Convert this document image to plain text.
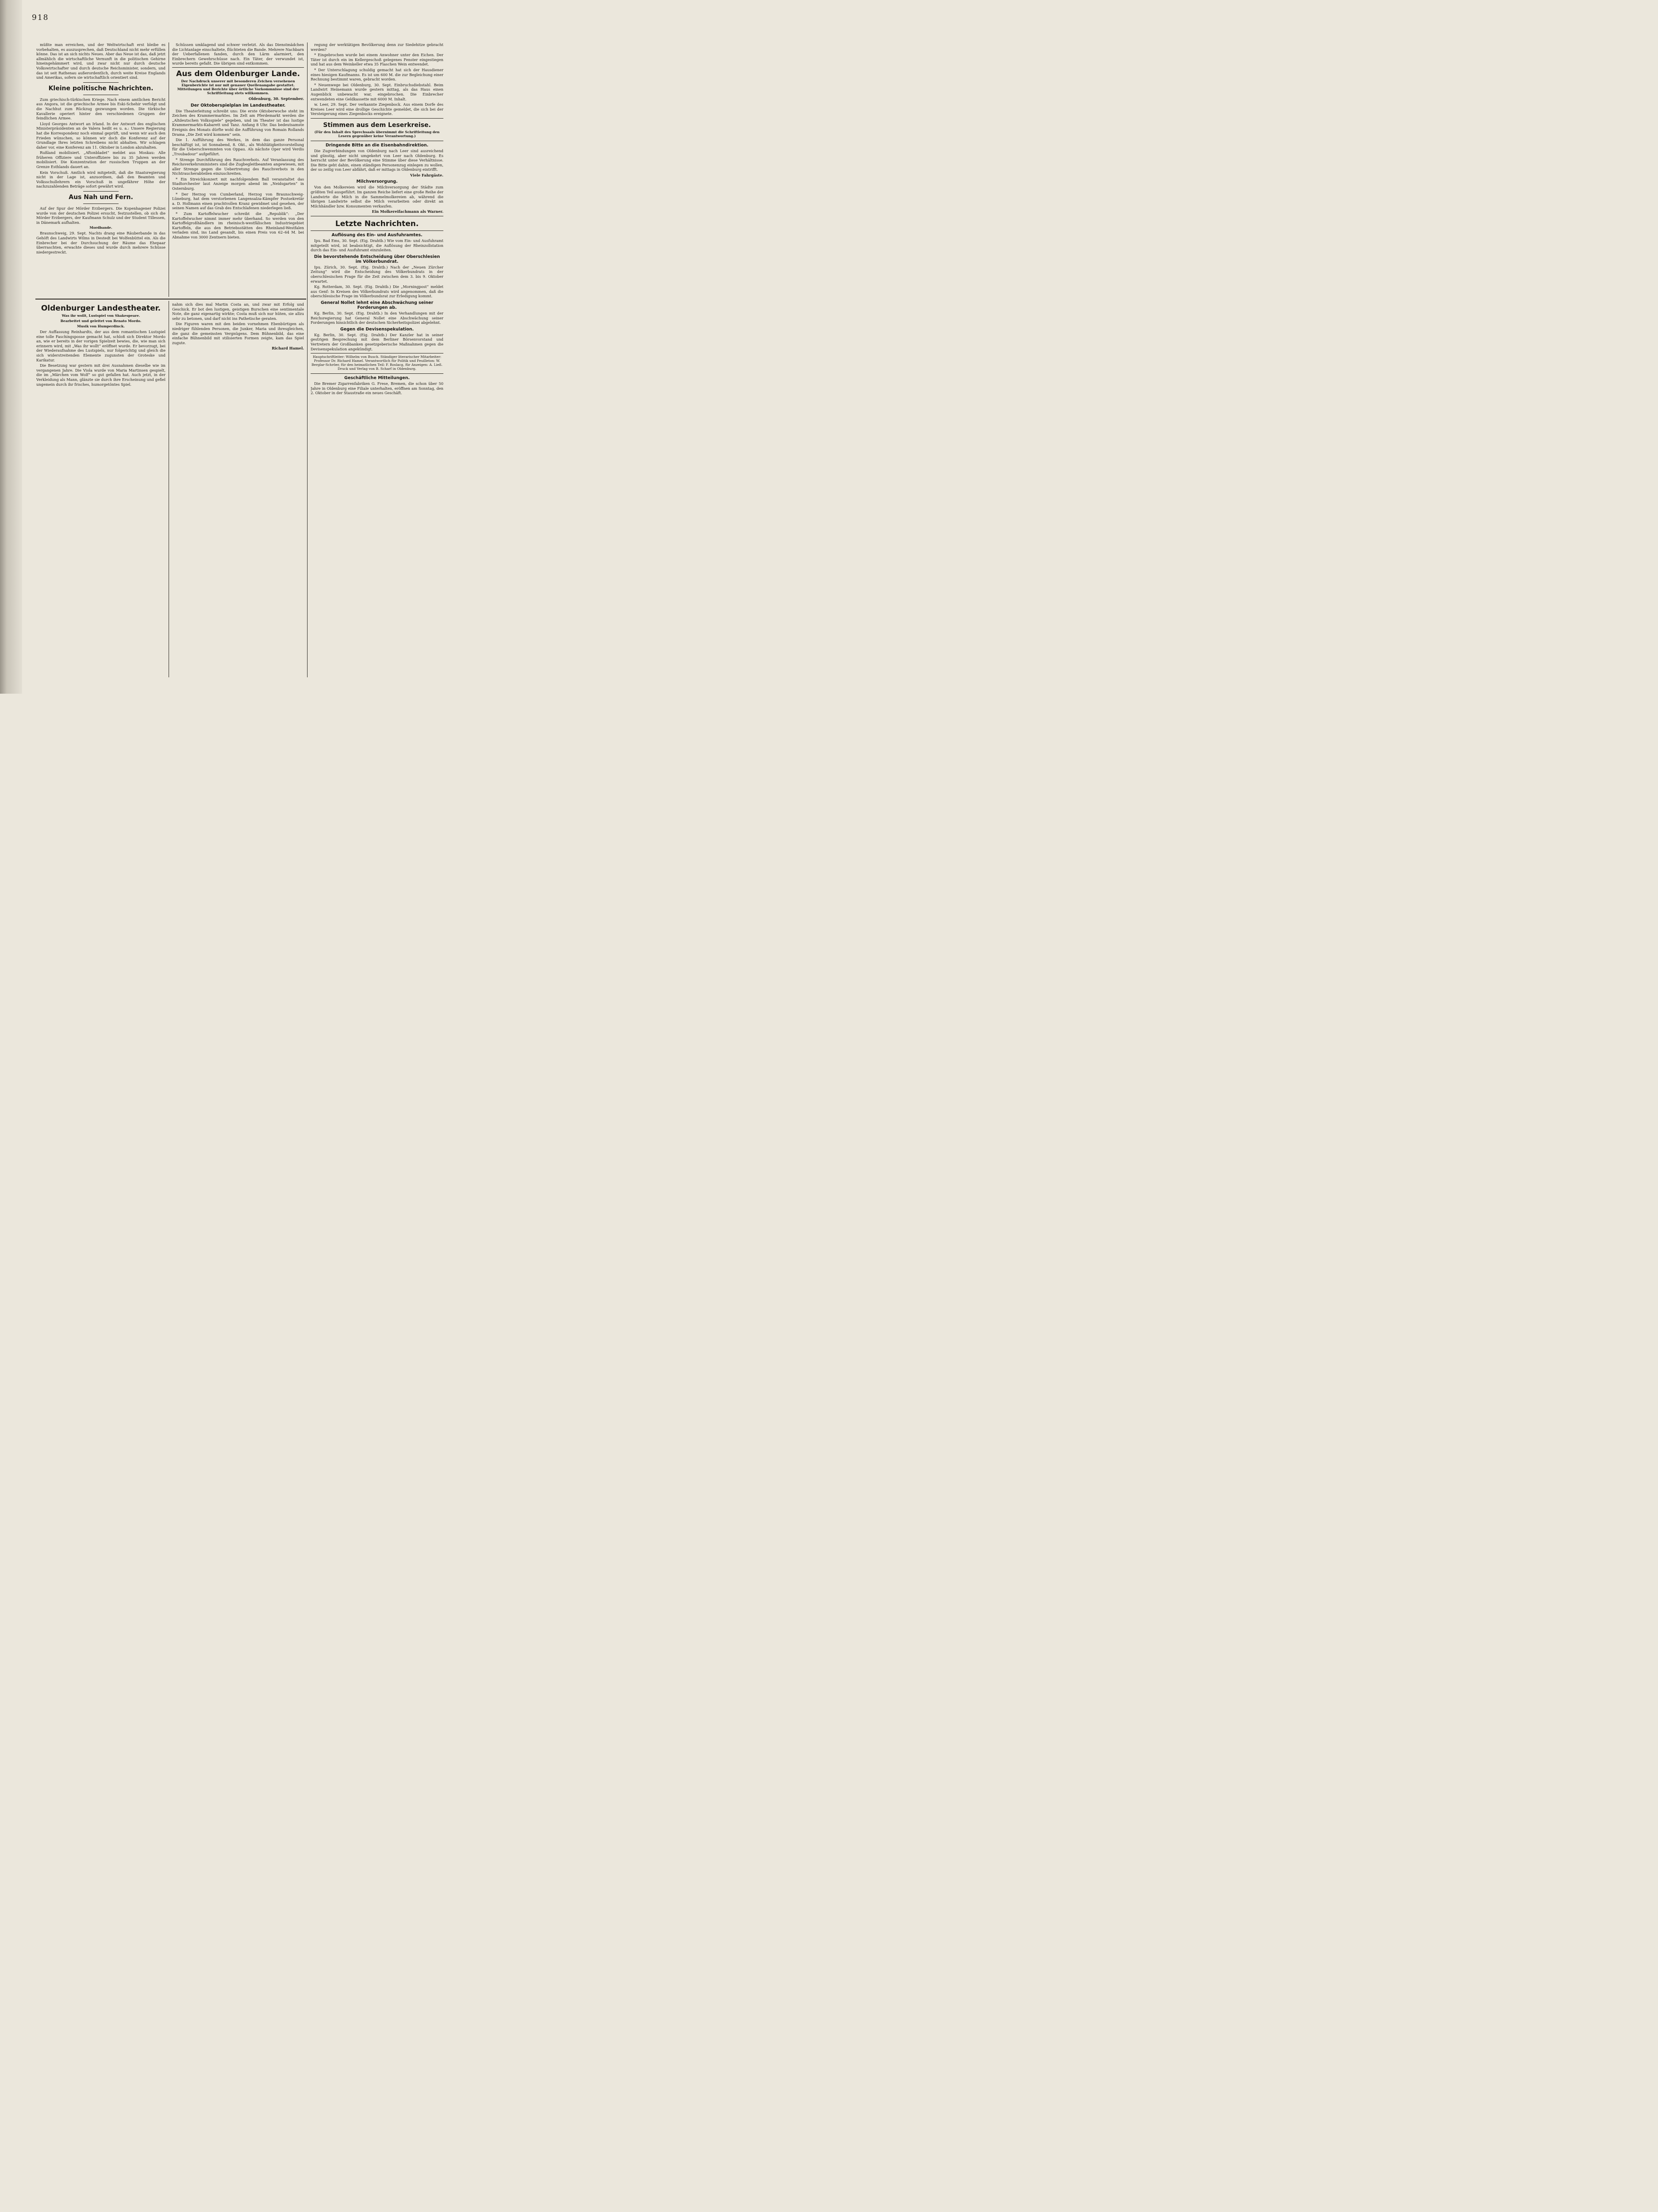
918

müßte man erreichen, und der Weltwirtschaft erst bleibe es vorbehalten, es auszusprechen, daß Deutschland nicht mehr erfüllen könne. Das ist an sich nichts Neues. Aber das Neue ist das, daß jetzt allmählich die wirtschaftliche Vernunft in die politischen Gehirne hineingehämmert wird, und zwar nicht nur durch deutsche Volkswirtschafter und durch deutsche Reichsminister, sondern, und das ist seit Rathenau außerordentlich, durch weite Kreise Englands und Amerikas, sofern sie wirtschaftlich orientiert sind.

Kleine politische Nachrichten.

Zum griechisch-türkischen Kriege. Nach einem amtlichen Bericht aus Angora, ist die griechische Armee bis Eski-Schehir verfolgt und die Nachhut zum Rückzug gezwungen worden. Die türkische Kavallerie operiert hinter den verschiedenen Gruppen der feindlichen Armee.

Lloyd Georges Antwort an Irland. In der Antwort des englischen Ministerpräsidenten an de Valera heißt es u. a.: Unsere Regierung hat die Korrespondenz noch einmal geprüft, und wenn wir auch den Frieden wünschen, so können wir doch die Konferenz auf der Grundlage Ihres letzten Schreibens nicht abhalten. Wir schlagen daher vor, eine Konferenz am 11. Oktober in London abzuhalten.

Rußland mobilisiert. „Aftonbladet“ meldet aus Moskau: Alle früheren Offiziere und Unteroffiziere bis zu 35 Jahren werden mobilisiert. Die Konzentration der russischen Truppen an der Grenze Esthlands dauert an.

Kein Vorschuß. Amtlich wird mitgeteilt, daß die Staatsregierung nicht in der Lage ist, anzuordnen, daß den Beamten und Volksschullehrern ein Vorschuß in ungefährer Höhe der nachzuzahlenden Beträge sofort gewährt wird.

Aus Nah und Fern.

Auf der Spur der Mörder Erzbergers. Die Kopenhagener Polizei wurde von der deutschen Polizei ersucht, festzustellen, ob sich die Mörder Erzbergers, der Kaufmann Schulz und der Student Tillessen, in Dänemark aufhalten.

Mordbande.

Braunschweig, 29. Sept. Nachts drang eine Räuberbande in das Gehöft des Landwirts Wilms in Destedt bei Wolfenbüttel ein. Als die Einbrecher bei der Durchsuchung der Räume das Ehepaar überraschten, erwachte dieses und wurde durch mehrere Schüsse niedergestreckt.

Schüssen umklagend und schwer verletzt. Als das Dienstmädchen die Lichtanlage einschaltete, flüchteten die Bande. Mehrere Nachbarn der Ueberfallenen fanden, durch den Lärm alarmiert, den Einbrechern Gewehrschüsse nach. Ein Täter, der verwundet ist, wurde bereits gefaßt. Die übrigen sind entkommen.

Aus dem Oldenburger Lande.
Der Nachdruck unserer mit besonderen Zeichen versehenen Eigenberichte ist nur mit genauer Quellenangabe gestattet. Mitteilungen und Berichte über örtliche Vorkommnisse sind der Schriftleitung stets willkommen.
Oldenburg, 30. September.
Der Oktoberspielplan im Landestheater.

Die Theaterleitung schreibt uns: Die erste Oktoberwoche steht im Zeichen des Krammermarktes. Im Zelt am Pferdemarkt werden die „Altdeutschen Volksspiele“ gegeben, und im Theater ist das lustige Krammermarkts-Kabarett und Tanz. Anfang 8 Uhr. Das bedeutsamste Ereignis des Monats dürfte wohl die Aufführung von Romain Rollands Drama „Die Zeit wird kommen“ sein.

Die 1. Aufführung des Werkes, in dem das ganze Personal beschäftigt ist, ist Sonnabend, 8. Okt., als Wohltätigkeitsvorstellung für die Ueberschwemmten von Oppau. Als nächste Oper wird Verdis „Troubadour“ aufgeführt.

* Strenge Durchführung des Rauchverbots. Auf Veranlassung des Reichsverkehrsministers sind die Zugbegleitbeamten angewiesen, mit aller Strenge gegen die Uebertretung des Rauchverbots in den Nichtraucherabteilen einzuschreiten.

* Ein Streichkonzert mit nachfolgendem Ball veranstaltet das Stadtorchester laut Anzeige morgen abend im „Neidsgarten“ in Osternburg.

* Der Herzog von Cumberland, Herzog von Braunschweig-Lüneburg, hat dem verstorbenen Langensalza-Kämpfer Postsekretär a. D. Hollmann einen prachtvollen Kranz gewidmet und gesehen, der seinen Namen auf das Grab des Entschlafenen niederlegen ließ.

* Zum Kartoffelwucher schreibt die „Republik“: „Der Kartoffelwucher nimmt immer mehr überhand. So werden von den Kartoffelgroßhändlern im rheinisch-westfälischen Industriegebiet Kartoffeln, die aus den Betriebsstätten des Rheinland-Westfalen verladen sind, ins Land gesandt, bis einen Preis von 62–64 M. bei Abnahme von 3000 Zentnern bieten.

regung der werktätigen Bevölkerung denn zur Siedehitze gebracht werden?

* Eingebrochen wurde bei einem Anwohner unter den Eichen. Der Täter ist durch ein im Kellergeschoß gelegenes Fenster eingestiegen und hat aus dem Weinkeller etwa 35 Flaschen Wein entwendet.

* Der Unterschlagung schuldig gemacht hat sich der Hausdiener eines hiesigen Kaufmanns. Es ist um 600 M. die zur Begleichung einer Rechnung bestimmt waren, gebracht worden.

* Neuenwege bei Oldenburg, 30. Sept. Einbruchsdiebstahl. Beim Landwirt Heinemann wurde gestern mittag, als das Haus einen Augenblick unbewacht war, eingebrochen. Die Einbrecher entwendeten eine Geldkassette mit 6000 M. Inhalt.

w. Leer, 29. Sept. Der verkannte Ziegenbock. Aus einem Dorfe des Kreises Leer wird eine drollige Geschichte gemeldet, die sich bei der Versteigerung eines Ziegenbocks ereignete.

Stimmen aus dem Leserkreise.
(Für den Inhalt des Sprechsaals übernimmt die Schriftleitung den Lesern gegenüber keine Verantwortung.)
Dringende Bitte an die Eisenbahndirektion.

Die Zugverbindungen von Oldenburg nach Leer sind ausreichend und günstig, aber nicht umgekehrt von Leer nach Oldenburg. Es herrscht unter der Bevölkerung eine Stimme über diese Verhältnisse. Die Bitte geht dahin, einen ständigen Personenzug einlegen zu wollen, der so zeitig von Leer abfährt, daß er mittags in Oldenburg eintrifft.

Viele Fahrgäste.
Milchversorgung.

Von den Molkereien wird die Milchversorgung der Städte zum größten Teil ausgeführt. Im ganzen Reiche liefert eine große Reihe der Landwirte die Milch in die Sammelmolkereien ab, während die übrigen Landwirte selbst die Milch verarbeiten oder direkt an Milchhändler bzw. Konsumenten verkaufen.

Ein Molkereifachmann als Warner.
Letzte Nachrichten.
Auflösung des Ein- und Ausfuhramtes.

Ipu. Bad Ems, 30. Sept. (Eig. Drahtb.) Wie vom Ein- und Ausfuhramt mitgeteilt wird, ist beabsichtigt, die Auflösung der Rheinzollstation durch das Ein- und Ausfuhramt einzuleiten.

Die bevorstehende Entscheidung über Oberschlesien im Völkerbundrat.

Ipu. Zürich, 30. Sept. (Eig. Drahtb.) Nach der „Neuen Zürcher Zeitung“ wird die Entscheidung des Völkerbundrats in der oberschlesischen Frage für die Zeit zwischen dem 3. bis 9. Oktober erwartet.

Kg. Rotterdam, 30. Sept. (Eig. Drahtb.) Die „Morningpost“ meldet aus Genf: In Kreisen des Völkerbundrats wird angenommen, daß die oberschlesische Frage im Völkerbundsrat zur Erledigung kommt.

General Nollet lehnt eine Abschwächung seiner Forderungen ab.

Kg. Berlin, 30. Sept. (Eig. Drahtb.) In den Verhandlungen mit der Reichsregierung hat General Nollet eine Abschwächung seiner Forderungen hinsichtlich der deutschen Sicherheitspolizei abgelehnt.

Gegen die Devisenspekulation.

Kg. Berlin, 30. Sept. (Eig. Drahtb.) Der Kanzler hat in seiner gestrigen Besprechung mit dem Berliner Börsenvorstand und Vertretern der Großbanken gesetzgeberische Maßnahmen gegen die Devisenspekulation angekündigt.

Hauptschriftleiter: Wilhelm von Busch. Ständiger literarischer Mitarbeiter: Professor Dr. Richard Hamel. Verantwortlich für Politik und Feuilleton: W. Berglar-Schröer, für den heimatlichen Teil: F. Roslacg, für Anzeigen: A. Ließ. Druck und Verlag von B. Scharf in Oldenburg.
Geschäftliche Mitteilungen.

Die Bremer Zigarrenfabriken G. Frese, Bremen, die schon über 50 Jahre in Oldenburg eine Filiale unterhalten, eröffnen am Sonntag, den 2. Oktober in der Staustraße ein neues Geschäft.

Oldenburger Landestheater.
Was ihr wollt, Lustspiel von Shakespeare.
Bearbeitet und geleitet von Renato Mordo.
Musik von Humperdinck.

Der Auffassung Reinhardts, der aus dem romantischen Lustspiel eine tolle Faschingsposse gemacht hat, schloß sich Direktor Mordo an, wie er bereits in der vorigen Spielzeit bewies, die, wie man sich erinnern wird, mit „Was ihr wollt“ eröffnet wurde. Er bevorzugt, bei der Wiederaufnahme des Lustspiels, nur folgerichtig und gleich die sich widerstreitenden Elemente zugunsten der Groteske und Karikatur.

Die Besetzung war gestern mit drei Ausnahmen dieselbe wie im vergangenen Jahre. Die Viola wurde von Maria Martinsen gespielt, die im „Märchen vom Wolf“ so gut gefallen hat. Auch jetzt, in der Verkleidung als Mann, glänzte sie durch ihre Erscheinung und gefiel ungemein durch ihr frisches, humorgetöntes Spiel.

nahm sich dies mal Martin Costa an, und zwar mit Erfolg und Geschick. Er bot den lustigen, geistigen Burschen eine sentimentale Note, die ganz eigenartig wirkte; Costa muß sich nur hüten, sie allzu sehr zu betonen, und darf nicht ins Pathetische geraten.

Die Figuren waren mit den beiden vornehmen Ebenbürtigen als niedriger fühlenden Personen, die Junker, Maria und ihresgleichen, die ganz die gemeinsten Vergnügens. Dem Bühnenbild, das eine einfache Bühnenbild mit stilisierten Formen zeigte, kam das Spiel zugute.

Richard Hamel.
